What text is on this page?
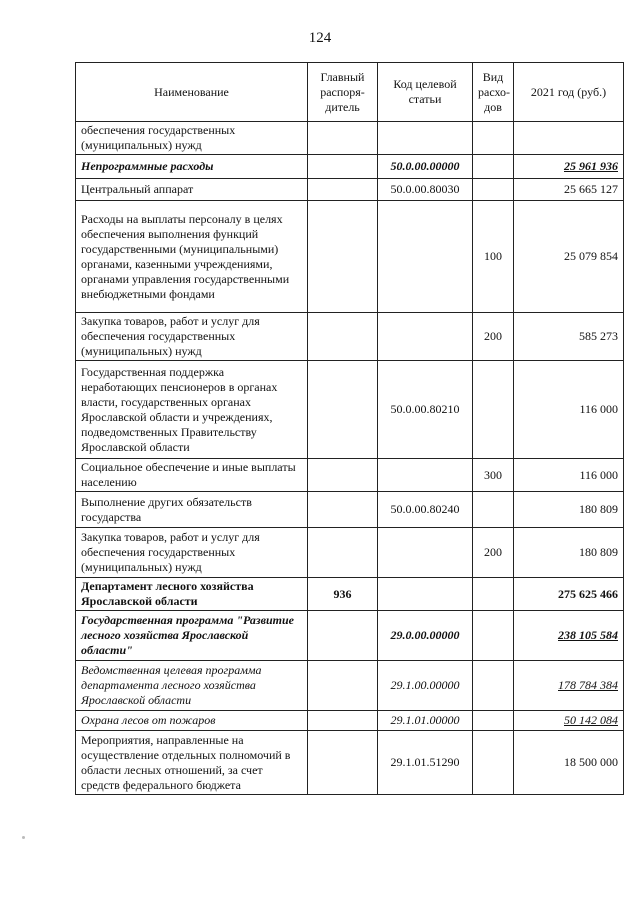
124
Наименование	Главный распоря-дитель	Код целевой статьи	Вид расхо-дов	2021 год (руб.)
обеспечения государственных (муниципальных) нужд				
Непрограммные расходы		50.0.00.00000		25 961 936
Центральный аппарат		50.0.00.80030		25 665 127
Расходы на выплаты персоналу в целях обеспечения выполнения функций государственными (муниципальными) органами, казенными учреждениями, органами управления государственными внебюджетными фондами			100	25 079 854
Закупка товаров, работ и услуг для обеспечения государственных (муниципальных) нужд			200	585 273
Государственная поддержка неработающих пенсионеров в органах власти, государственных органах Ярославской области и учреждениях, подведомственных Правительству Ярославской области		50.0.00.80210		116 000
Социальное обеспечение и иные выплаты населению			300	116 000
Выполнение других обязательств государства		50.0.00.80240		180 809
Закупка товаров, работ и услуг для обеспечения государственных (муниципальных) нужд			200	180 809
Департамент лесного хозяйства Ярославской области	936			275 625 466
Государственная программа "Развитие лесного хозяйства Ярославской области"		29.0.00.00000		238 105 584
Ведомственная целевая программа департамента лесного хозяйства Ярославской области		29.1.00.00000		178 784 384
Охрана лесов от пожаров		29.1.01.00000		50 142 084
Мероприятия, направленные на осуществление отдельных полномочий в области лесных отношений, за счет средств федерального бюджета		29.1.01.51290		18 500 000
